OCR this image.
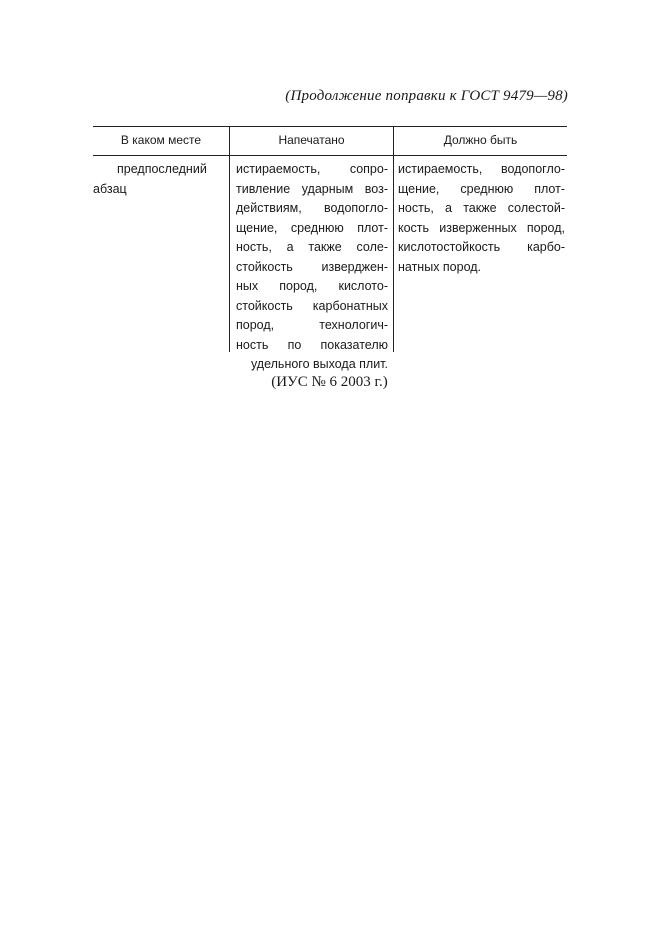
(Продолжение поправки к ГОСТ 9479—98)
В каком месте	Напечатано	Должно быть
предпоследний
абзац
истираемость, сопро-
тивление ударным воз-
действиям, водопогло-
щение, среднюю плот-
ность, а также соле-
стойкость изверджен-
ных пород, кислото-
стойкость карбонатных
пород, технологич-
ность по показателю
удельного выхода плит.
истираемость, водопогло-
щение, среднюю плот-
ность, а также солестой-
кость изверженных пород,
кислотостойкость карбо-
натных пород.
(ИУС № 6 2003 г.)
